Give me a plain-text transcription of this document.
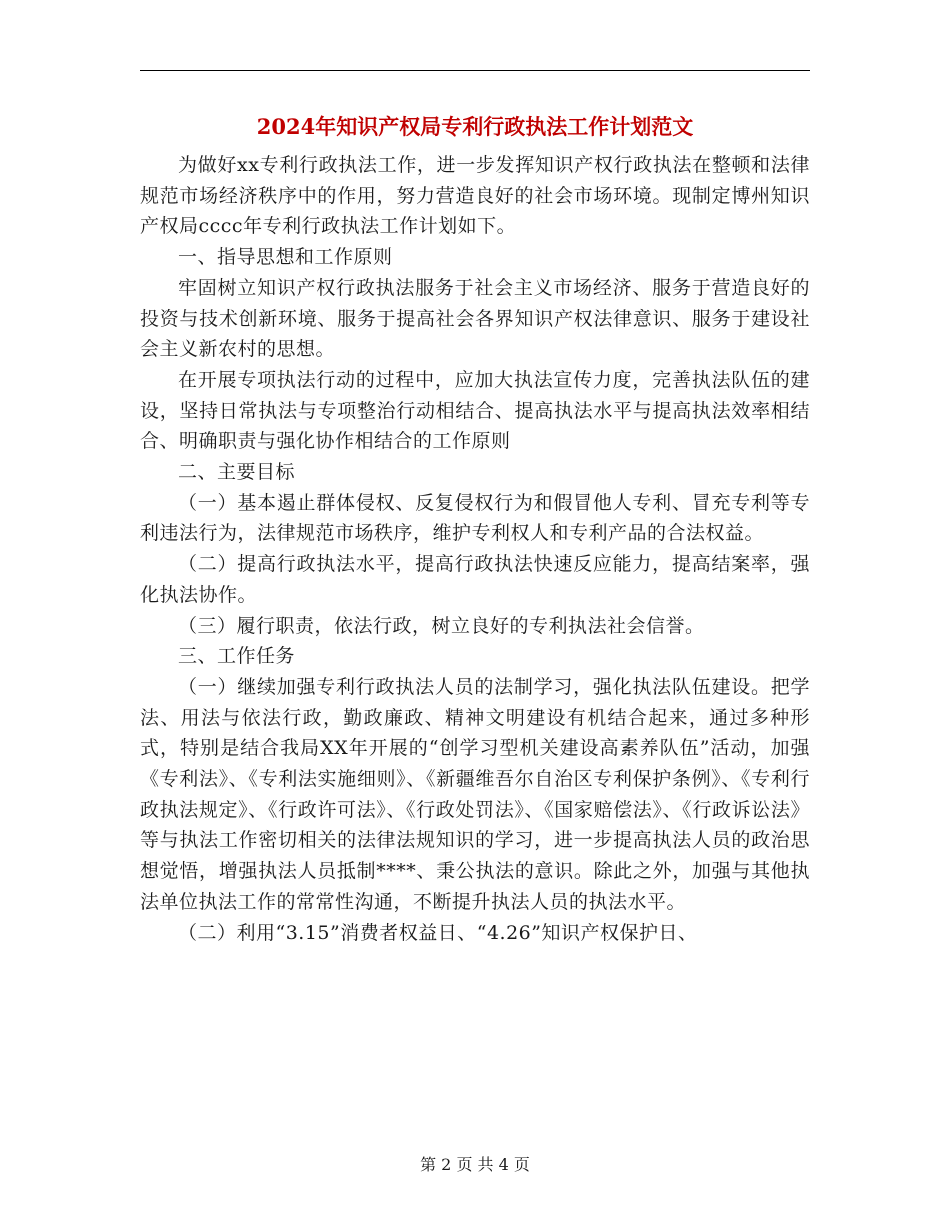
2024年知识产权局专利行政执法工作计划范文

为做好xx专利行政执法工作，进一步发挥知识产权行政执法在整顿和法律规范市场经济秩序中的作用，努力营造良好的社会市场环境。现制定博州知识产权局cccc年专利行政执法工作计划如下。

一、指导思想和工作原则

牢固树立知识产权行政执法服务于社会主义市场经济、服务于营造良好的投资与技术创新环境、服务于提高社会各界知识产权法律意识、服务于建设社会主义新农村的思想。

在开展专项执法行动的过程中，应加大执法宣传力度，完善执法队伍的建设，坚持日常执法与专项整治行动相结合、提高执法水平与提高执法效率相结合、明确职责与强化协作相结合的工作原则

二、主要目标

（一）基本遏止群体侵权、反复侵权行为和假冒他人专利、冒充专利等专利违法行为，法律规范市场秩序，维护专利权人和专利产品的合法权益。

（二）提高行政执法水平，提高行政执法快速反应能力，提高结案率，强化执法协作。

（三）履行职责，依法行政，树立良好的专利执法社会信誉。

三、工作任务

（一）继续加强专利行政执法人员的法制学习，强化执法队伍建设。把学法、用法与依法行政，勤政廉政、精神文明建设有机结合起来，通过多种形式，特别是结合我局XX年开展的“创学习型机关建设高素养队伍”活动，加强《专利法》、《专利法实施细则》、《新疆维吾尔自治区专利保护条例》、《专利行政执法规定》、《行政许可法》、《行政处罚法》、《国家赔偿法》、《行政诉讼法》等与执法工作密切相关的法律法规知识的学习，进一步提高执法人员的政治思想觉悟，增强执法人员抵制****、秉公执法的意识。除此之外，加强与其他执法单位执法工作的常常性沟通，不断提升执法人员的执法水平。

（二）利用“3.15”消费者权益日、“4.26”知识产权保护日、

第 2 页 共 4 页
